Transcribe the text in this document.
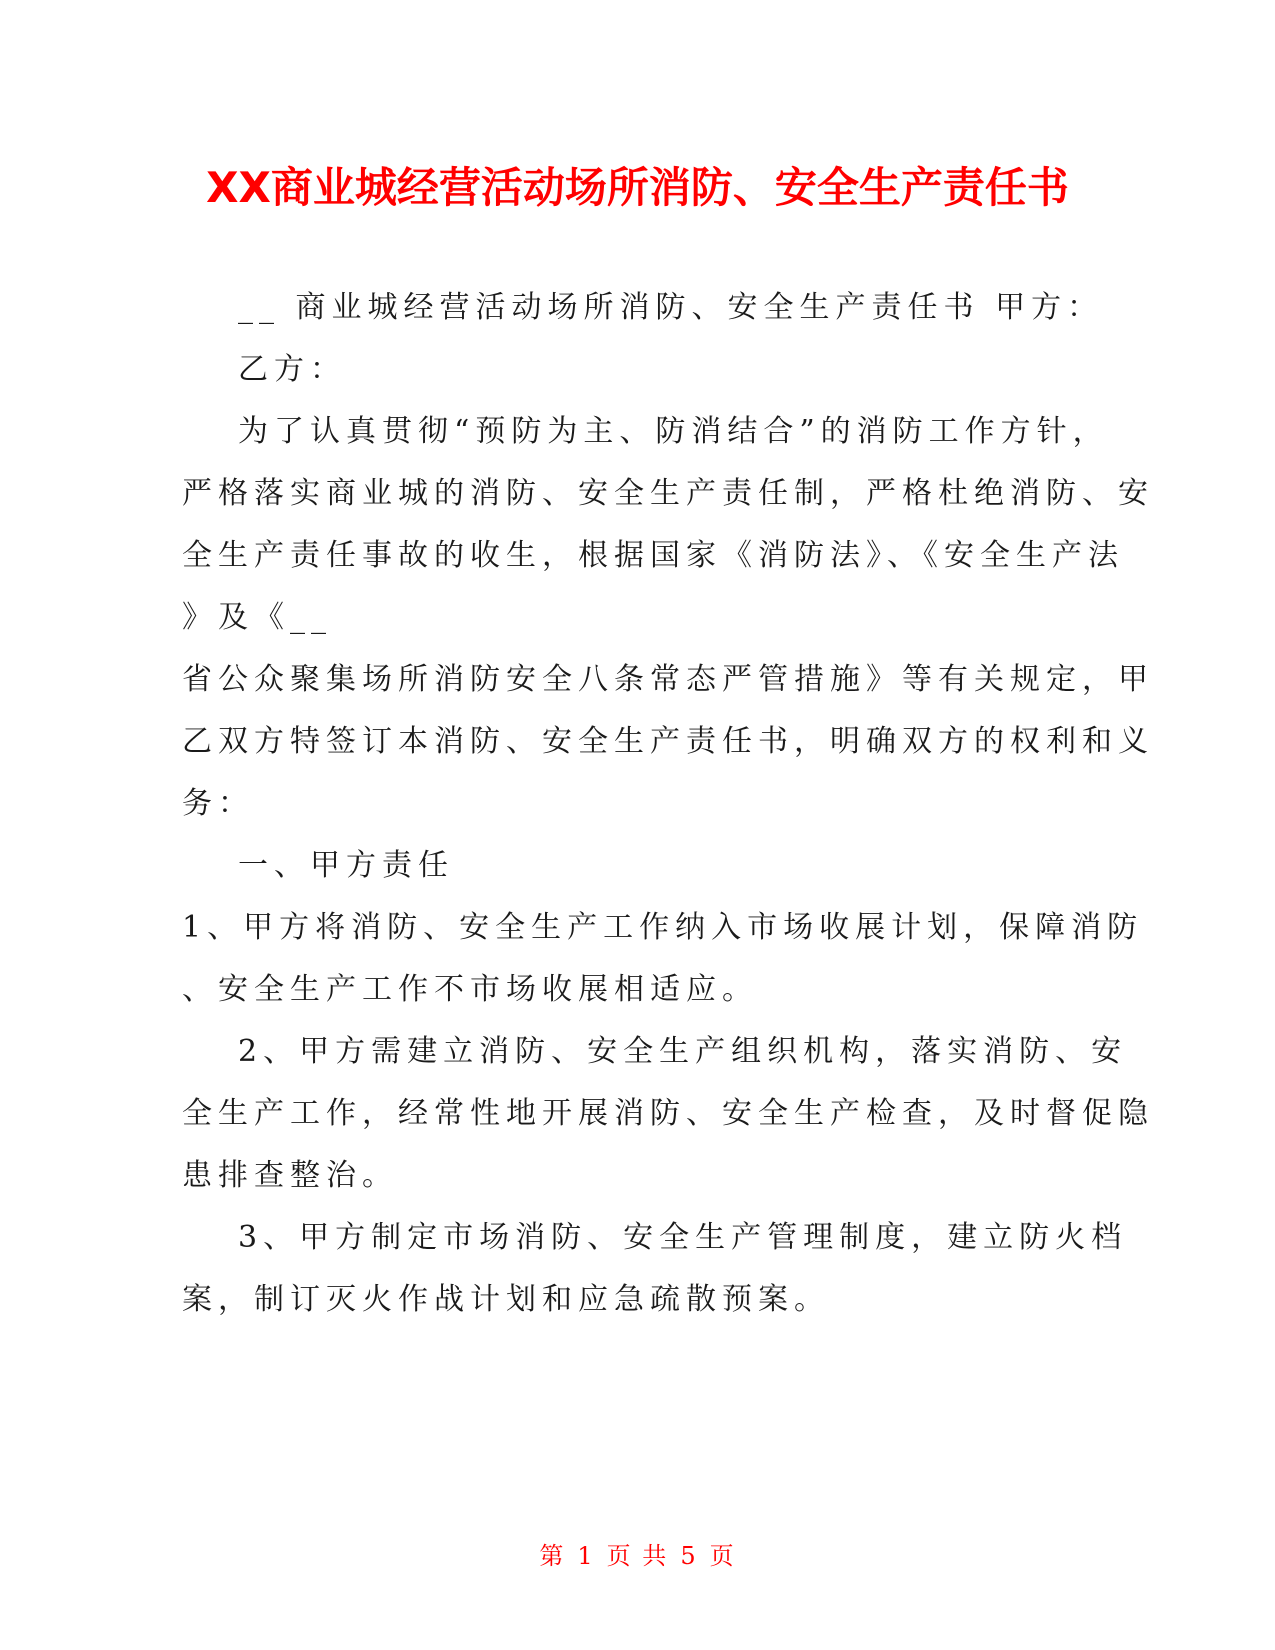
XX商业城经营活动场所消防、安全生产责任书

__ 商业城经营活动场所消防、安全生产责任书 甲方：

乙方：

为了认真贯彻“预防为主、防消结合”的消防工作方针，

严格落实商业城的消防、安全生产责任制，严格杜绝消防、安

全生产责任事故的收生，根据国家《消防法》、《安全生产法

》及《__

省公众聚集场所消防安全八条常态严管措施》等有关规定，甲

乙双方特签订本消防、安全生产责任书，明确双方的权利和义

务：

一、甲方责任

1、甲方将消防、安全生产工作纳入市场收展计划，保障消防

、安全生产工作不市场收展相适应。

2、甲方需建立消防、安全生产组织机构，落实消防、安

全生产工作，经常性地开展消防、安全生产检查，及时督促隐

患排查整治。

3、甲方制定市场消防、安全生产管理制度，建立防火档

案，制订灭火作战计划和应急疏散预案。

第 1 页 共 5 页
